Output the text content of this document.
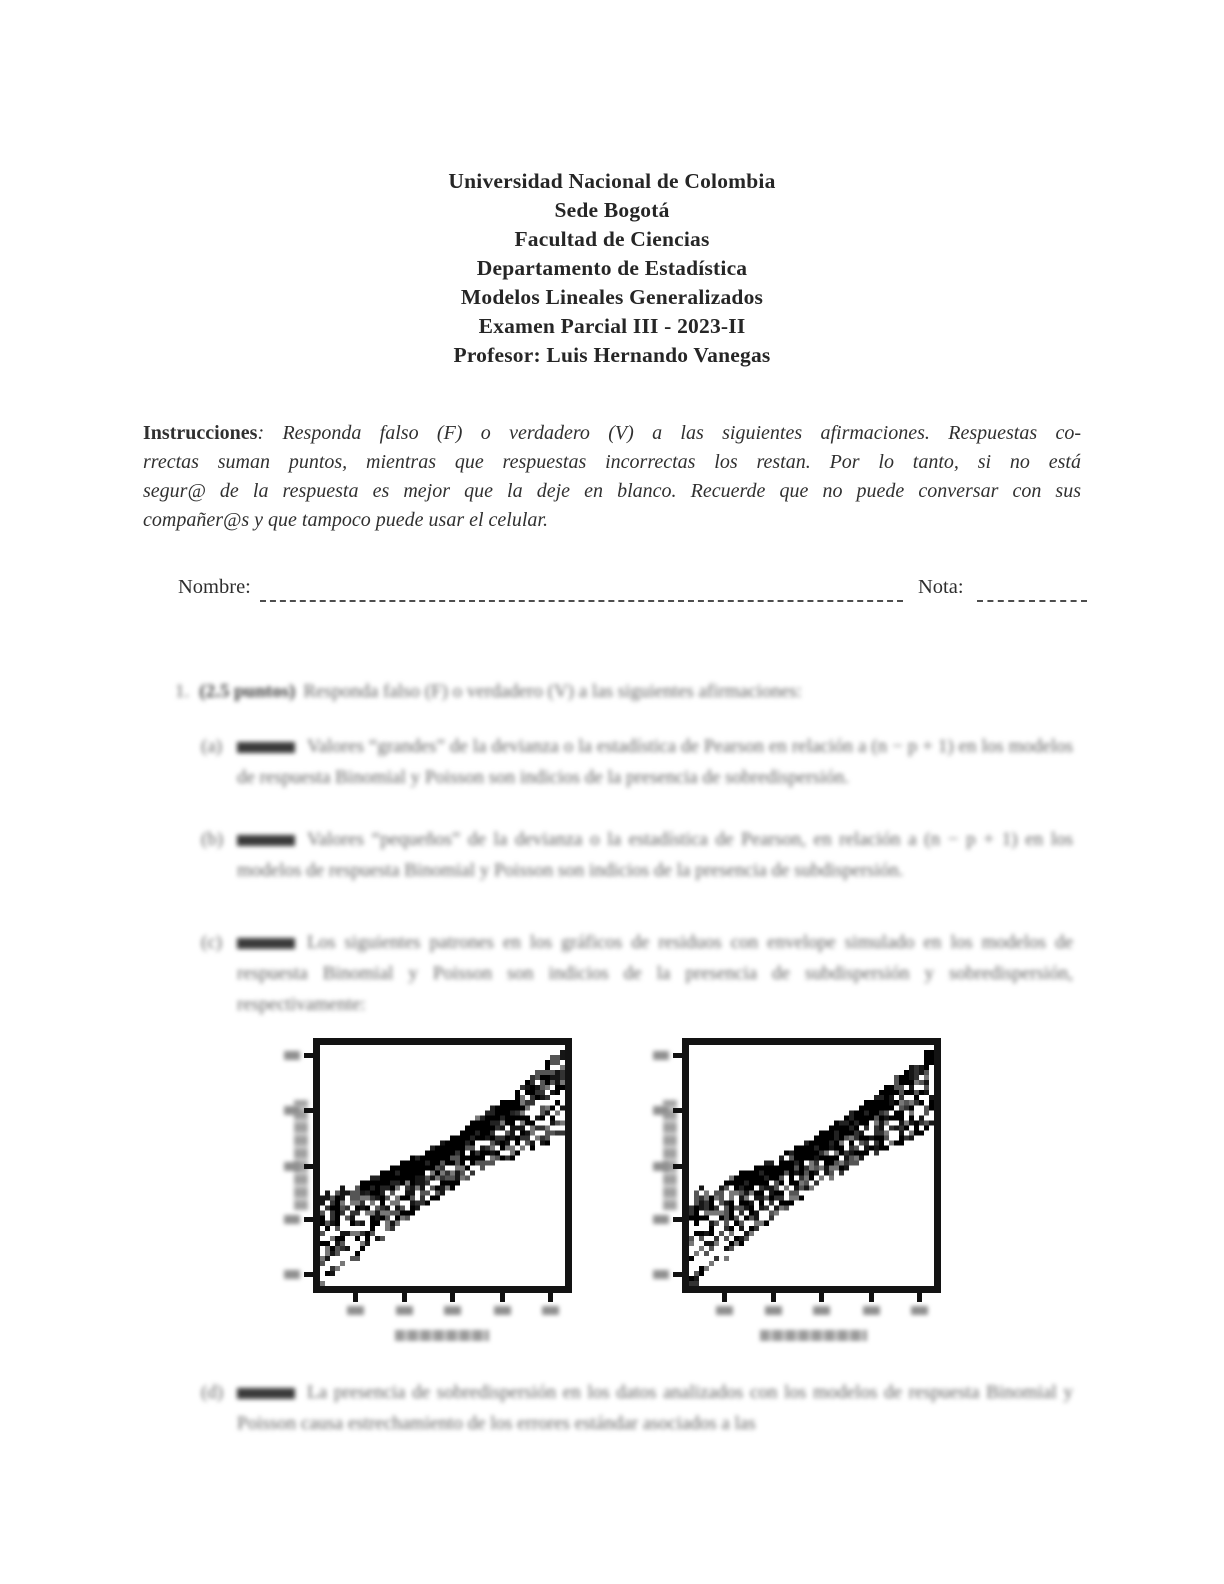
Universidad Nacional de Colombia
Sede Bogotá
Facultad de Ciencias
Departamento de Estadística
Modelos Lineales Generalizados
Examen Parcial III - 2023-II
Profesor: Luis Hernando Vanegas
Instrucciones: Responda falso (F) o verdadero (V) a las siguientes afirmaciones. Respuestas co-
rrectas suman puntos, mientras que respuestas incorrectas los restan. Por lo tanto, si no está
segur@ de la respuesta es mejor que la deje en blanco. Recuerde que no puede conversar con sus
compañer@s y que tampoco puede usar el celular.
Nombre:	Nota:
1. (2.5 puntos) Responda falso (F) o verdadero (V) a las siguientes afirmaciones:
(a)	Valores “grandes” de la devianza o la estadística de Pearson en relación a (n − p + 1) en los modelos de respuesta Binomial y Poisson son indicios de la presencia de sobredispersión.
(b)	Valores “pequeños” de la devianza o la estadística de Pearson, en relación a (n − p + 1) en los modelos de respuesta Binomial y Poisson son indicios de la presencia de subdispersión.
(c)	Los siguientes patrones en los gráficos de residuos con envelope simulado en los modelos de respuesta Binomial y Poisson son indicios de la presencia de subdispersión y sobredispersión, respectivamente:
(d)	La presencia de sobredispersión en los datos analizados con los modelos de respuesta Binomial y Poisson causa estrechamiento de los errores estándar asociados a las
